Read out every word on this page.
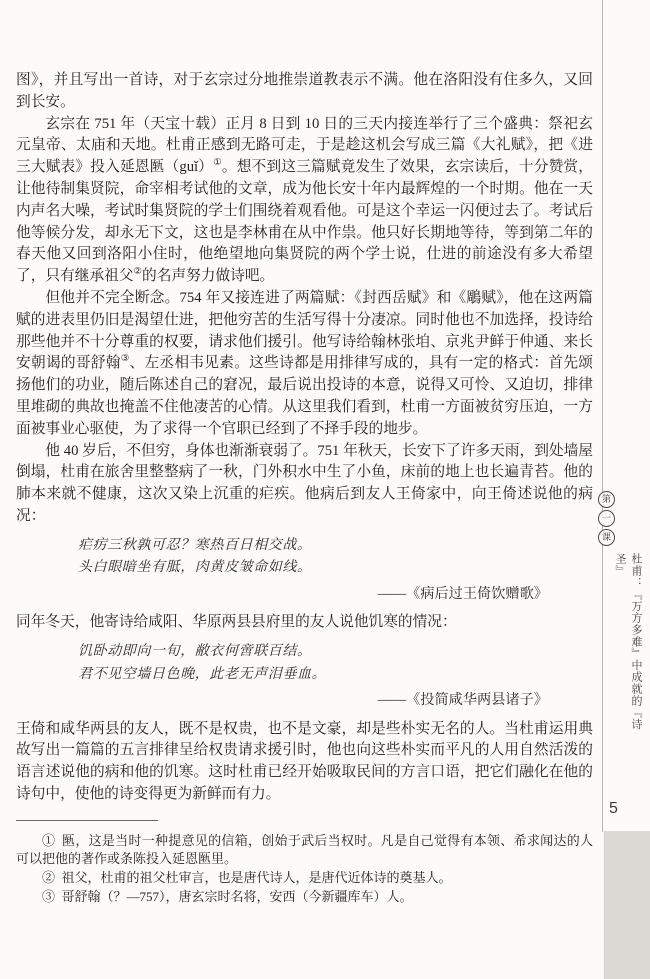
图》，并且写出一首诗，对于玄宗过分地推崇道教表示不满。他在洛阳没有住多久，又回到长安。

玄宗在 751 年（天宝十载）正月 8 日到 10 日的三天内接连举行了三个盛典：祭祀玄元皇帝、太庙和天地。杜甫正感到无路可走，于是趁这机会写成三篇《大礼赋》，把《进三大赋表》投入延恩匦（guǐ）①。想不到这三篇赋竟发生了效果，玄宗读后，十分赞赏，让他待制集贤院，命宰相考试他的文章，成为他长安十年内最辉煌的一个时期。他在一天内声名大噪，考试时集贤院的学士们围绕着观看他。可是这个幸运一闪便过去了。考试后他等候分发，却永无下文，这也是李林甫在从中作祟。他只好长期地等待，等到第二年的春天他又回到洛阳小住时，他绝望地向集贤院的两个学士说，仕进的前途没有多大希望了，只有继承祖父②的名声努力做诗吧。

但他并不完全断念。754 年又接连进了两篇赋：《封西岳赋》和《鵰赋》，他在这两篇赋的进表里仍旧是渴望仕进，把他穷苦的生活写得十分凄凉。同时他也不加选择，投诗给那些他并不十分尊重的权要，请求他们援引。他写诗给翰林张垍、京兆尹鲜于仲通、来长安朝谒的哥舒翰③、左丞相韦见素。这些诗都是用排律写成的，具有一定的格式：首先颂扬他们的功业，随后陈述自己的窘况，最后说出投诗的本意，说得又可怜、又迫切，排律里堆砌的典故也掩盖不住他凄苦的心情。从这里我们看到，杜甫一方面被贫穷压迫，一方面被事业心驱使，为了求得一个官职已经到了不择手段的地步。

他 40 岁后，不但穷，身体也渐渐衰弱了。751 年秋天，长安下了许多天雨，到处墙屋倒塌，杜甫在旅舍里整整病了一秋，门外积水中生了小鱼，床前的地上也长遍青苔。他的肺本来就不健康，这次又染上沉重的疟疾。他病后到友人王倚家中，向王倚述说他的病况：

疟疠三秋孰可忍？寒热百日相交战。
头白眼暗坐有胝，肉黄皮皱命如线。
——《病后过王倚饮赠歌》

同年冬天，他寄诗给咸阳、华原两县县府里的友人说他饥寒的情况：

饥卧动即向一旬，敝衣何啻联百结。
君不见空墙日色晚，此老无声泪垂血。
——《投简咸华两县诸子》

王倚和咸华两县的友人，既不是权贵，也不是文豪，却是些朴实无名的人。当杜甫运用典故写出一篇篇的五言排律呈给权贵请求援引时，他也向这些朴实而平凡的人用自然活泼的语言述说他的病和他的饥寒。这时杜甫已经开始吸取民间的方言口语，把它们融化在他的诗句中，使他的诗变得更为新鲜而有力。

① 匦，这是当时一种提意见的信箱，创始于武后当权时。凡是自己觉得有本领、希求闻达的人可以把他的著作或条陈投入延恩匦里。

② 祖父，杜甫的祖父杜审言，也是唐代诗人，是唐代近体诗的奠基人。

③ 哥舒翰（？—757），唐玄宗时名将，安西（今新疆库车）人。

第
一
课
杜甫：『万方多难』中成就的『诗圣』
5
